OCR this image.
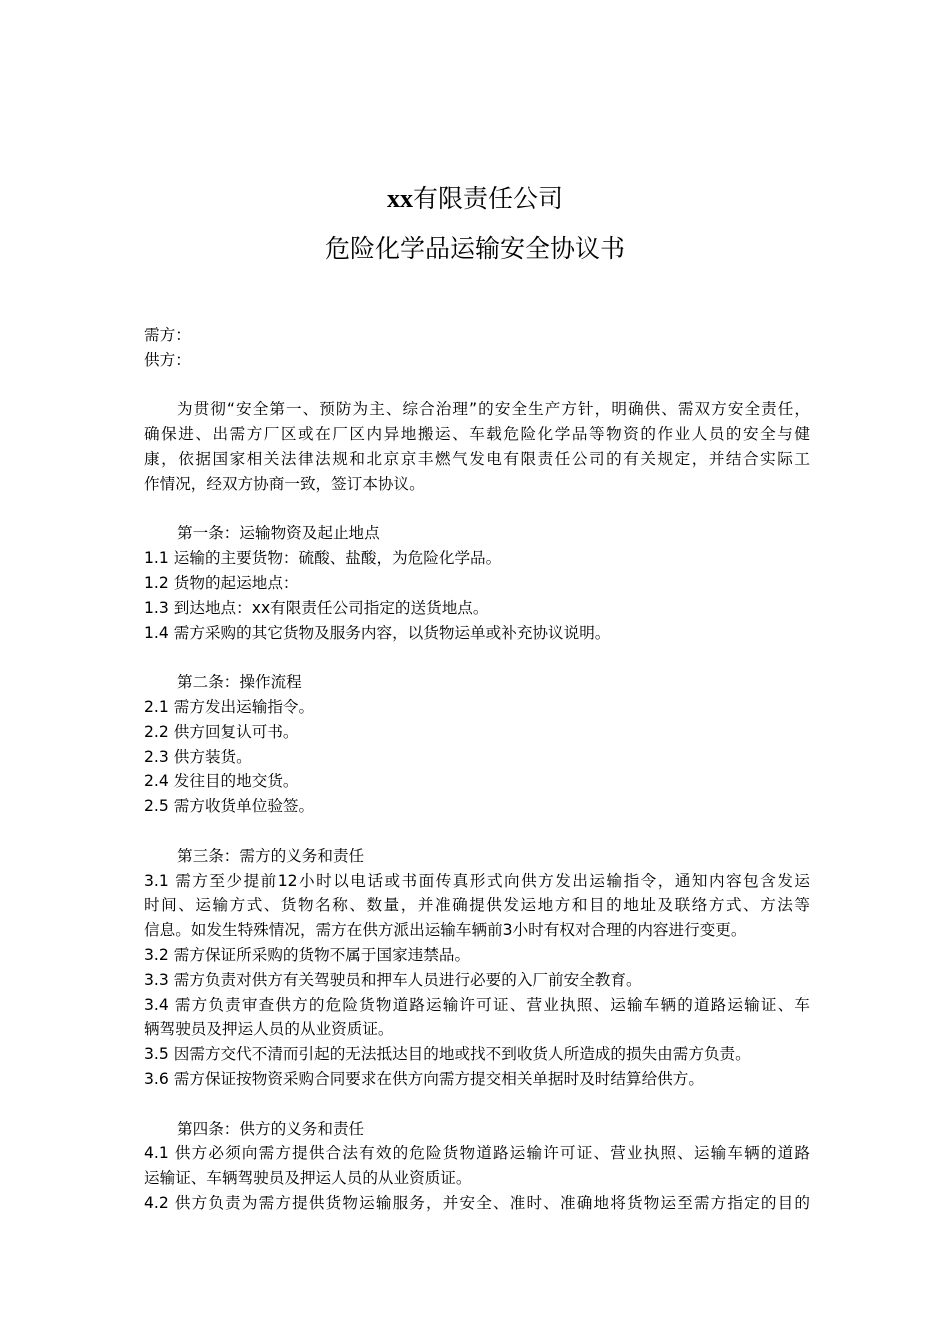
xx有限责任公司
危险化学品运输安全协议书
需方：
供方：
为贯彻“安全第一、预防为主、综合治理”的安全生产方针，明确供、需双方安全责任，
确保进、出需方厂区或在厂区内异地搬运、车载危险化学品等物资的作业人员的安全与健
康，依据国家相关法律法规和北京京丰燃气发电有限责任公司的有关规定，并结合实际工
作情况，经双方协商一致，签订本协议。
第一条：运输物资及起止地点
1.1 运输的主要货物：硫酸、盐酸，为危险化学品。
1.2 货物的起运地点：
1.3 到达地点：xx有限责任公司指定的送货地点。
1.4 需方采购的其它货物及服务内容，以货物运单或补充协议说明。
第二条：操作流程
2.1 需方发出运输指令。
2.2 供方回复认可书。
2.3 供方装货。
2.4 发往目的地交货。
2.5 需方收货单位验签。
第三条：需方的义务和责任
3.1 需方至少提前12小时以电话或书面传真形式向供方发出运输指令，通知内容包含发运
时间、运输方式、货物名称、数量，并准确提供发运地方和目的地址及联络方式、方法等
信息。如发生特殊情况，需方在供方派出运输车辆前3小时有权对合理的内容进行变更。
3.2 需方保证所采购的货物不属于国家违禁品。
3.3 需方负责对供方有关驾驶员和押车人员进行必要的入厂前安全教育。
3.4 需方负责审查供方的危险货物道路运输许可证、营业执照、运输车辆的道路运输证、车
辆驾驶员及押运人员的从业资质证。
3.5 因需方交代不清而引起的无法抵达目的地或找不到收货人所造成的损失由需方负责。
3.6 需方保证按物资采购合同要求在供方向需方提交相关单据时及时结算给供方。
第四条：供方的义务和责任
4.1 供方必须向需方提供合法有效的危险货物道路运输许可证、营业执照、运输车辆的道路
运输证、车辆驾驶员及押运人员的从业资质证。
4.2 供方负责为需方提供货物运输服务，并安全、准时、准确地将货物运至需方指定的目的
